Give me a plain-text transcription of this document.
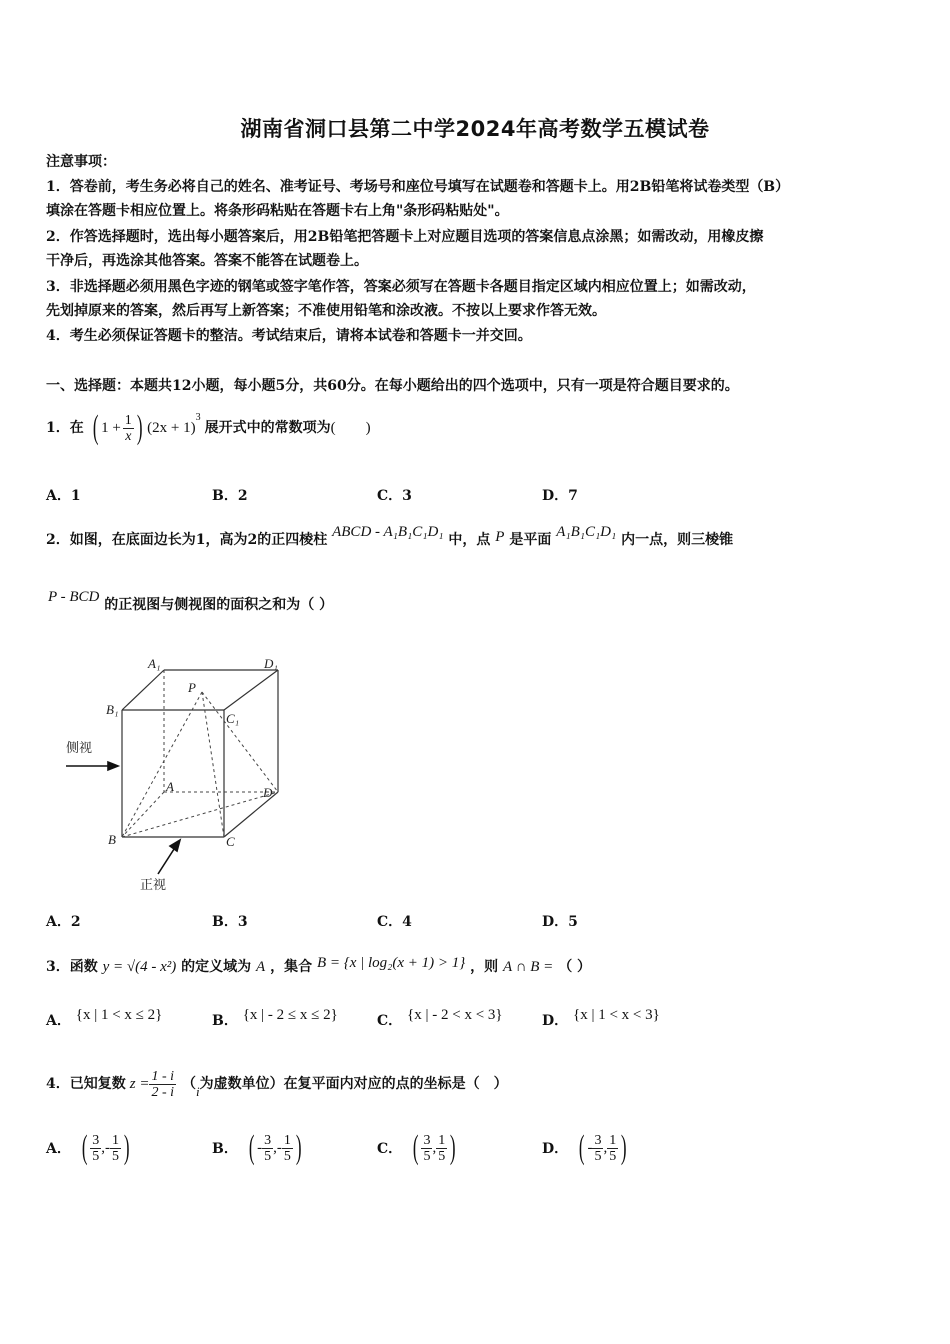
湖南省洞口县第二中学2024年高考数学五模试卷
注意事项：
1．答卷前，考生务必将自己的姓名、准考证号、考场号和座位号填写在试题卷和答题卡上。用2B铅笔将试卷类型（B）
填涂在答题卡相应位置上。将条形码粘贴在答题卡右上角"条形码粘贴处"。
2．作答选择题时，选出每小题答案后，用2B铅笔把答题卡上对应题目选项的答案信息点涂黑；如需改动，用橡皮擦
干净后，再选涂其他答案。答案不能答在试题卷上。
3．非选择题必须用黑色字迹的钢笔或签字笔作答，答案必须写在答题卡各题目指定区域内相应位置上；如需改动，
先划掉原来的答案，然后再写上新答案；不准使用铅笔和涂改液。不按以上要求作答无效。
4．考生必须保证答题卡的整洁。考试结束后，请将本试卷和答题卡一并交回。
一、选择题：本题共12小题，每小题5分，共60分。在每小题给出的四个选项中，只有一项是符合题目要求的。
1．在 ( $1 + \frac{1}{x}$ ) (2x + 1)
$^3$
展开式中的常数项为 (　　)
A．1	B．2	C．3	D．7
2．如图，在底面边长为1，高为2的正四棱柱 ABCD - A₁B₁C₁D₁ 中，点 P 是平面 A₁B₁C₁D₁ 内一点，则三棱锥
P - BCD 的正视图与侧视图的面积之和为（ ）
A₁	D₁
B₁
C₁
P
A	D
B	C
侧视
正视
A．2	B．3	C．4	D．5
3．函数 y = √(4 - x²) 的定义域为 A ，集合 B = {x | log₂(x + 1) > 1} ，则 A ∩ B = （ ）
A． {x | 1 < x ≤ 2}	B． {x | - 2 ≤ x ≤ 2}	C． {x | - 2 < x < 3}	D． {x | 1 < x < 3}
4．已知复数 $z = \frac{1 - i}{2 - i}$ （ i 为虚数单位）在复平面内对应的点的坐标是（　）
A． ( $\frac{3}{5}$ , - $\frac{1}{5}$ )	B． ( - $\frac{3}{5}$ , - $\frac{1}{5}$ )	C． ( $\frac{3}{5}$ , $\frac{1}{5}$ )	D． ( - $\frac{3}{5}$ , $\frac{1}{5}$ )
